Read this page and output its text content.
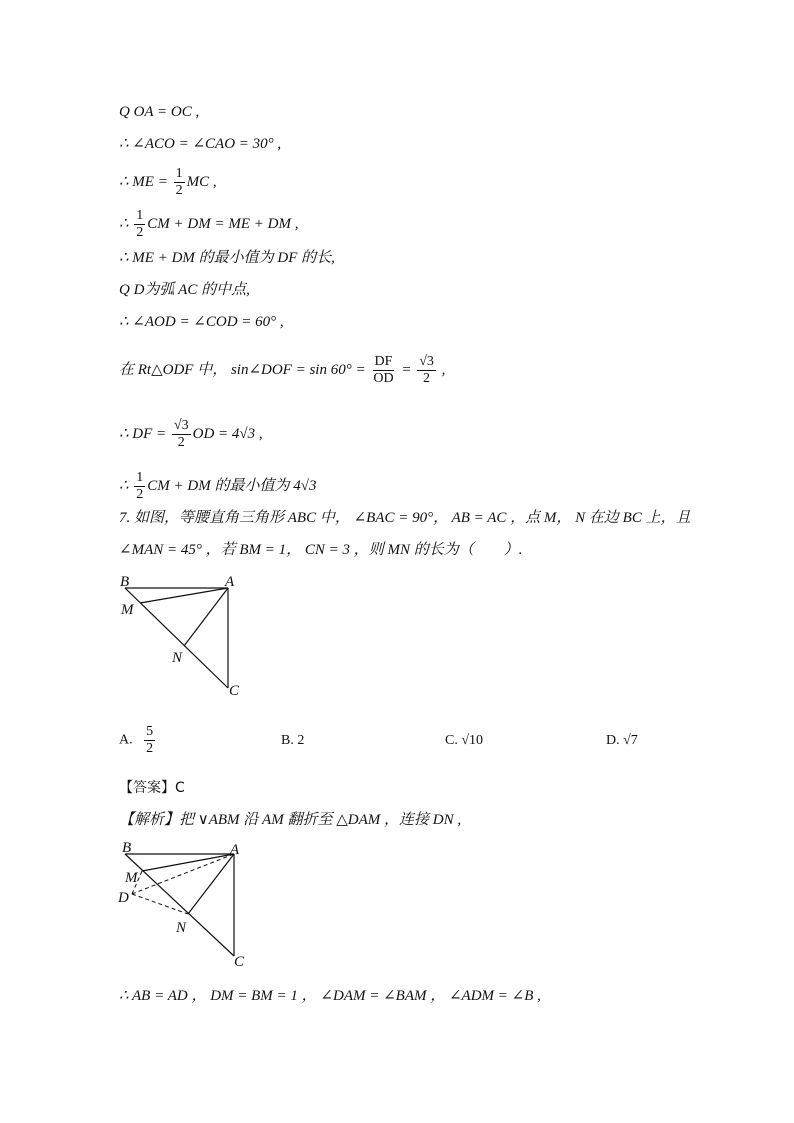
Q OA = OC ,
∴ ∠ACO = ∠CAO = 30° ,
∴ ME = $\frac{1}{2}$ MC ,
∴ $\frac{1}{2}$ CM + DM = ME + DM ,
∴ ME + DM 的最小值为 DF 的长,
Q D为弧 AC 的中点,
∴ ∠AOD = ∠COD = 60° ,
在 Rt△ODF 中， sin∠DOF = $\sin 60^\circ = \frac{DF}{OD} = \frac{√3}{2}$ ,
∴ DF = $\frac{√3}{2}$ OD = 4√3 ,
∴ $\frac{1}{2}$ CM + DM 的最小值为 4√3
7. 如图，等腰直角三角形 ABC 中， ∠BAC = 90°， AB = AC ，点 M， N 在边 BC 上，且
∠MAN = 45° ，若 BM = 1， CN = 3 ，则 MN 的长为（　　）.
B	A
M
N
C
A. $\frac{5}{2}$	B. 2	C. √10	D. √7
【答案】C
【解析】把 ∨ABM 沿 AM 翻折至 △DAM ，连接 DN ,
B	A
M
D
N
C
∴ AB = AD ， DM = BM = 1 ， ∠DAM = ∠BAM ， ∠ADM = ∠B ,
